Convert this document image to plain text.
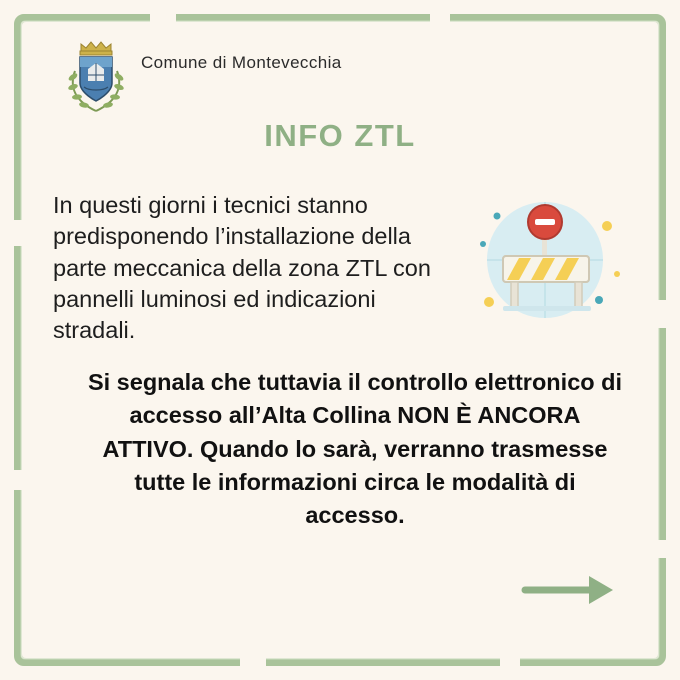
Comune di Montevecchia
INFO ZTL
In questi giorni i tecnici stanno predisponendo l’installazione della parte meccanica della zona ZTL con pannelli luminosi ed indicazioni stradali.
Si segnala che tuttavia il controllo elettronico di accesso all’Alta Collina NON È ANCORA ATTIVO. Quando lo sarà, verranno trasmesse tutte le informazioni circa le modalità di accesso.
